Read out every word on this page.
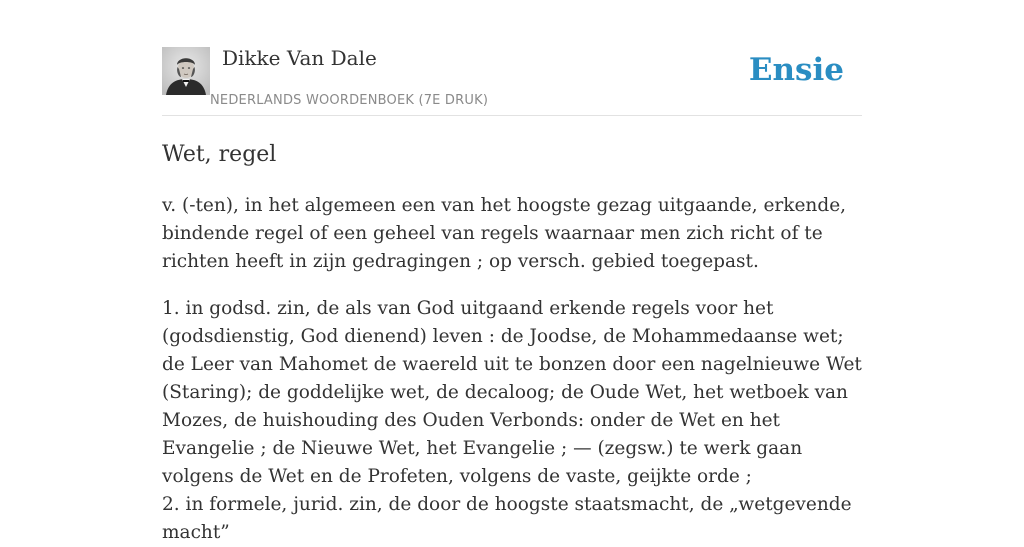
Dikke Van Dale
NEDERLANDS WOORDENBOEK (7E DRUK)
Ensie
Wet, regel

v. (-ten), in het algemeen een van het hoogste gezag uitgaande, erkende, bindende regel of een geheel van regels waarnaar men zich richt of te richten heeft in zijn gedragingen ; op versch. gebied toegepast.

1. in godsd. zin, de als van God uitgaand erkende regels voor het (godsdienstig, God dienend) leven : de Joodse, de Mohammedaanse wet; de Leer van Mahomet de waereld uit te bonzen door een nagelnieuwe Wet (Staring); de goddelijke wet, de decaloog; de Oude Wet, het wetboek van Mozes, de huishouding des Ouden Verbonds: onder de Wet en het Evangelie ; de Nieuwe Wet, het Evangelie ; — (zegsw.) te werk gaan volgens de Wet en de Profeten, volgens de vaste, geijkte orde ;

2. in formele, jurid. zin, de door de hoogste staatsmacht, de „wetgevende macht”
